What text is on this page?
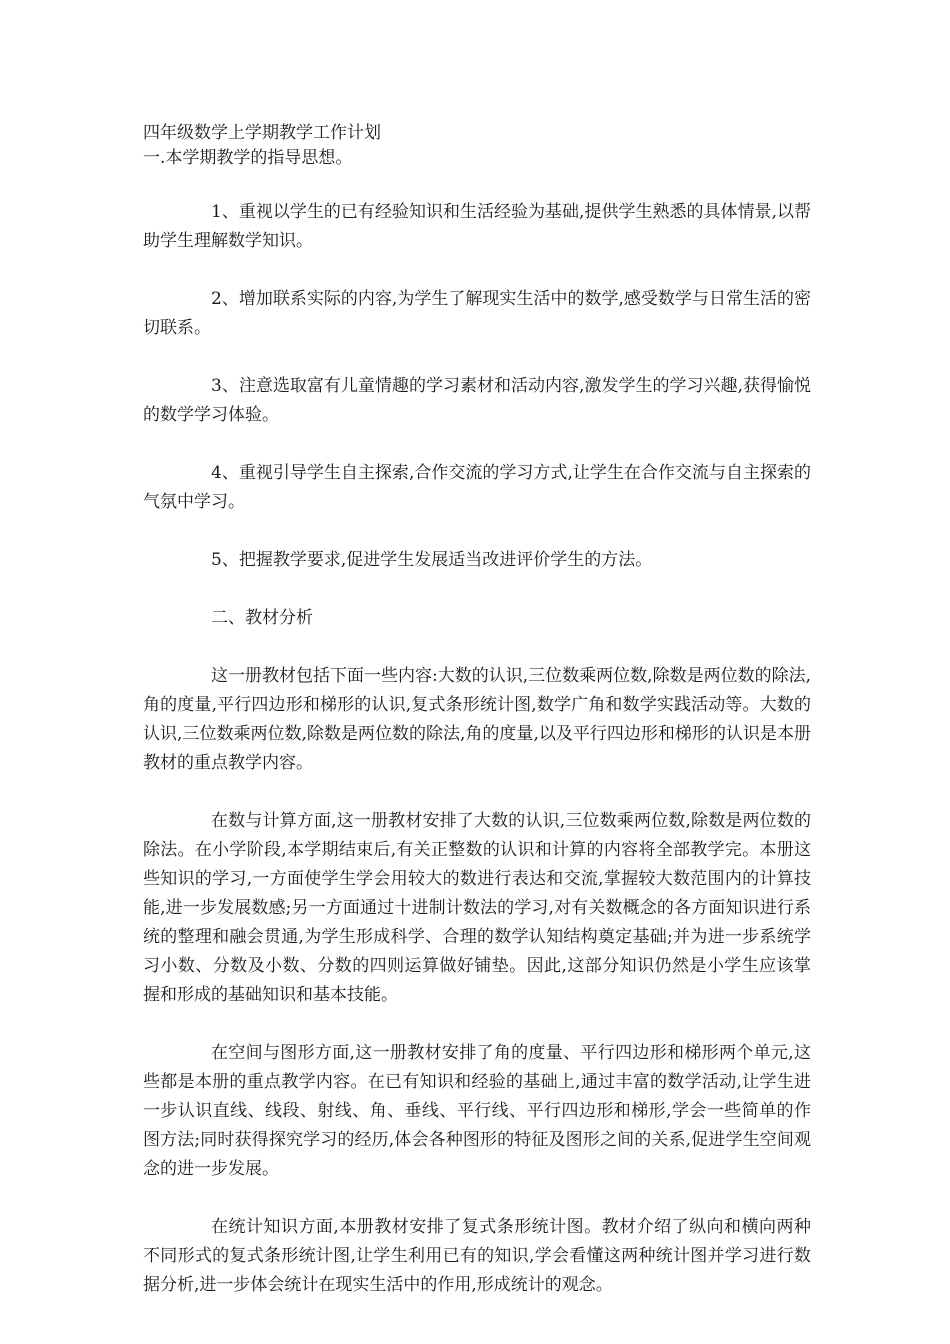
四年级数学上学期教学工作计划

一.本学期教学的指导思想。

1、重视以学生的已有经验知识和生活经验为基础,提供学生熟悉的具体情景,以帮助学生理解数学知识。

2、增加联系实际的内容,为学生了解现实生活中的数学,感受数学与日常生活的密切联系。

3、注意选取富有儿童情趣的学习素材和活动内容,激发学生的学习兴趣,获得愉悦的数学学习体验。

4、重视引导学生自主探索,合作交流的学习方式,让学生在合作交流与自主探索的气氛中学习。

5、把握教学要求,促进学生发展适当改进评价学生的方法。

二、教材分析

这一册教材包括下面一些内容:大数的认识,三位数乘两位数,除数是两位数的除法,角的度量,平行四边形和梯形的认识,复式条形统计图,数学广角和数学实践活动等。大数的认识,三位数乘两位数,除数是两位数的除法,角的度量,以及平行四边形和梯形的认识是本册教材的重点教学内容。

在数与计算方面,这一册教材安排了大数的认识,三位数乘两位数,除数是两位数的除法。在小学阶段,本学期结束后,有关正整数的认识和计算的内容将全部教学完。本册这些知识的学习,一方面使学生学会用较大的数进行表达和交流,掌握较大数范围内的计算技能,进一步发展数感;另一方面通过十进制计数法的学习,对有关数概念的各方面知识进行系统的整理和融会贯通,为学生形成科学、合理的数学认知结构奠定基础;并为进一步系统学习小数、分数及小数、分数的四则运算做好铺垫。因此,这部分知识仍然是小学生应该掌握和形成的基础知识和基本技能。

在空间与图形方面,这一册教材安排了角的度量、平行四边形和梯形两个单元,这些都是本册的重点教学内容。在已有知识和经验的基础上,通过丰富的数学活动,让学生进一步认识直线、线段、射线、角、垂线、平行线、平行四边形和梯形,学会一些简单的作图方法;同时获得探究学习的经历,体会各种图形的特征及图形之间的关系,促进学生空间观念的进一步发展。

在统计知识方面,本册教材安排了复式条形统计图。教材介绍了纵向和横向两种不同形式的复式条形统计图,让学生利用已有的知识,学会看懂这两种统计图并学习进行数据分析,进一步体会统计在现实生活中的作用,形成统计的观念。
